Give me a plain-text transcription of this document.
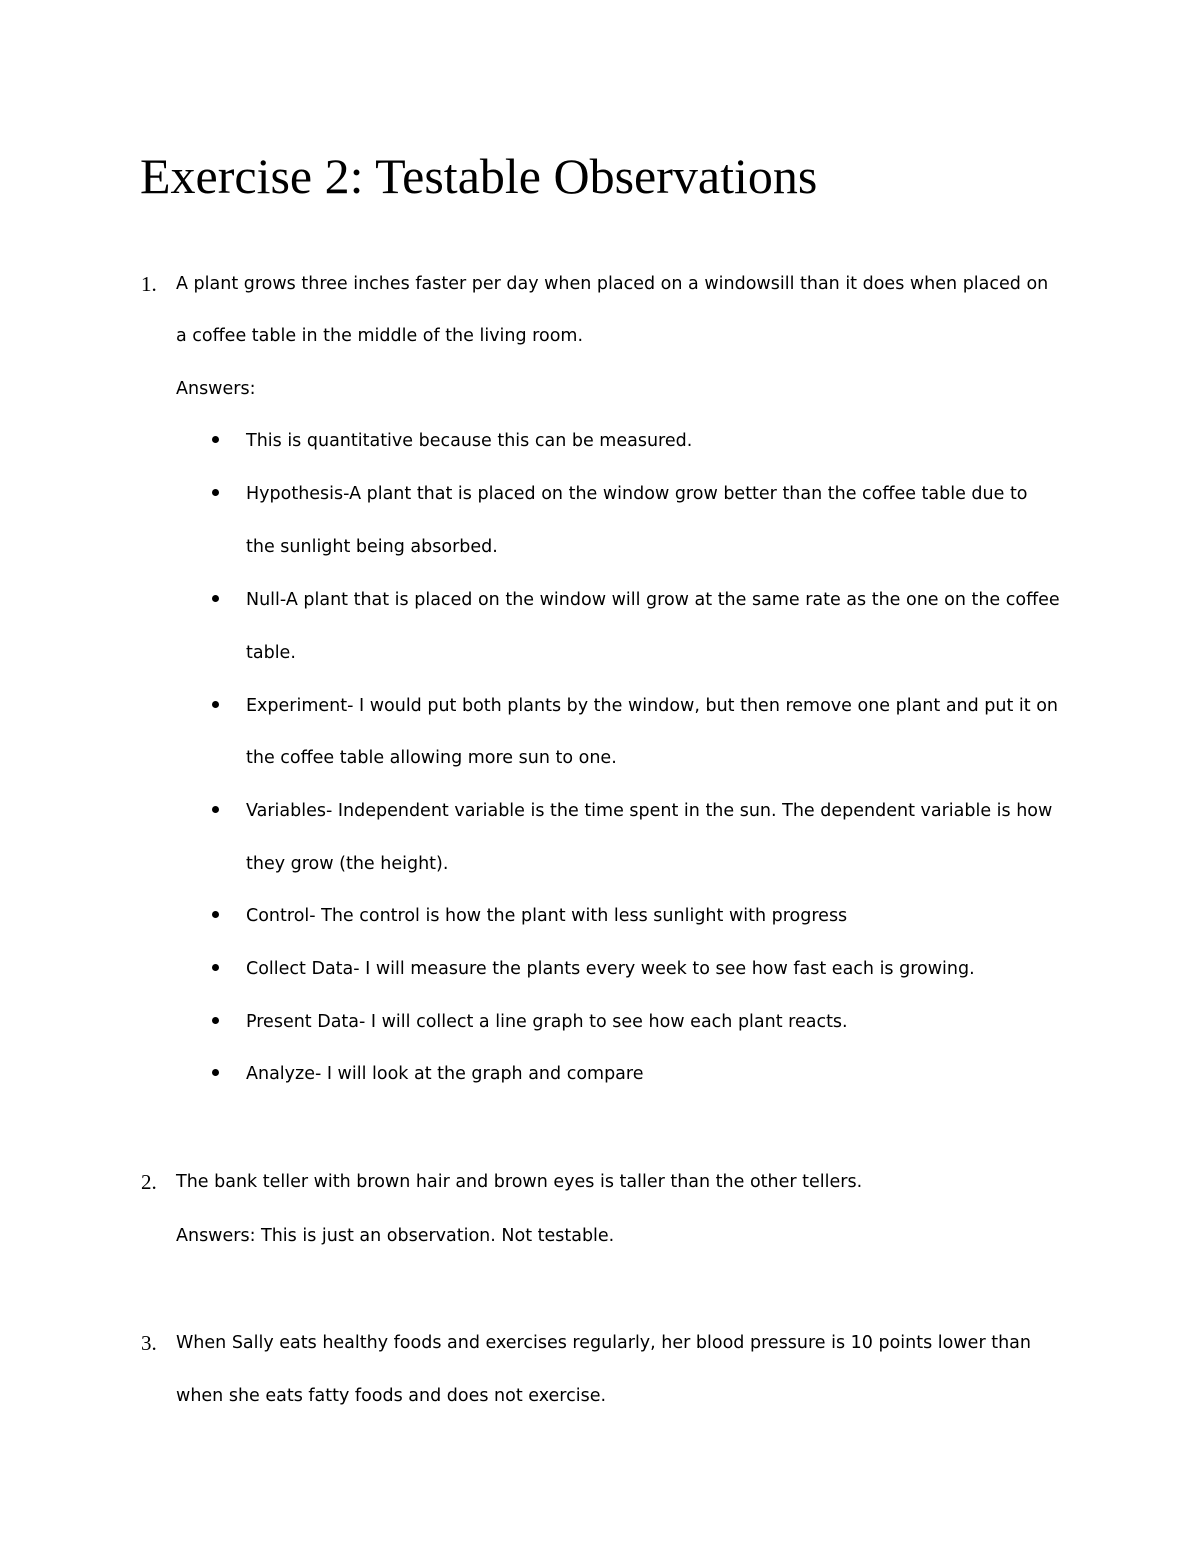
Exercise 2: Testable Observations
1. A plant grows three inches faster per day when placed on a windowsill than it does when placed on
a coffee table in the middle of the living room.
Answers:
This is quantitative because this can be measured.
Hypothesis-A plant that is placed on the window grow better than the coffee table due to
the sunlight being absorbed.
Null-A plant that is placed on the window will grow at the same rate as the one on the coffee
table.
Experiment- I would put both plants by the window, but then remove one plant and put it on
the coffee table allowing more sun to one.
Variables- Independent variable is the time spent in the sun. The dependent variable is how
they grow (the height).
Control- The control is how the plant with less sunlight with progress
Collect Data- I will measure the plants every week to see how fast each is growing.
Present Data- I will collect a line graph to see how each plant reacts.
Analyze- I will look at the graph and compare
2. The bank teller with brown hair and brown eyes is taller than the other tellers.
Answers: This is just an observation. Not testable.
3. When Sally eats healthy foods and exercises regularly, her blood pressure is 10 points lower than
when she eats fatty foods and does not exercise.
